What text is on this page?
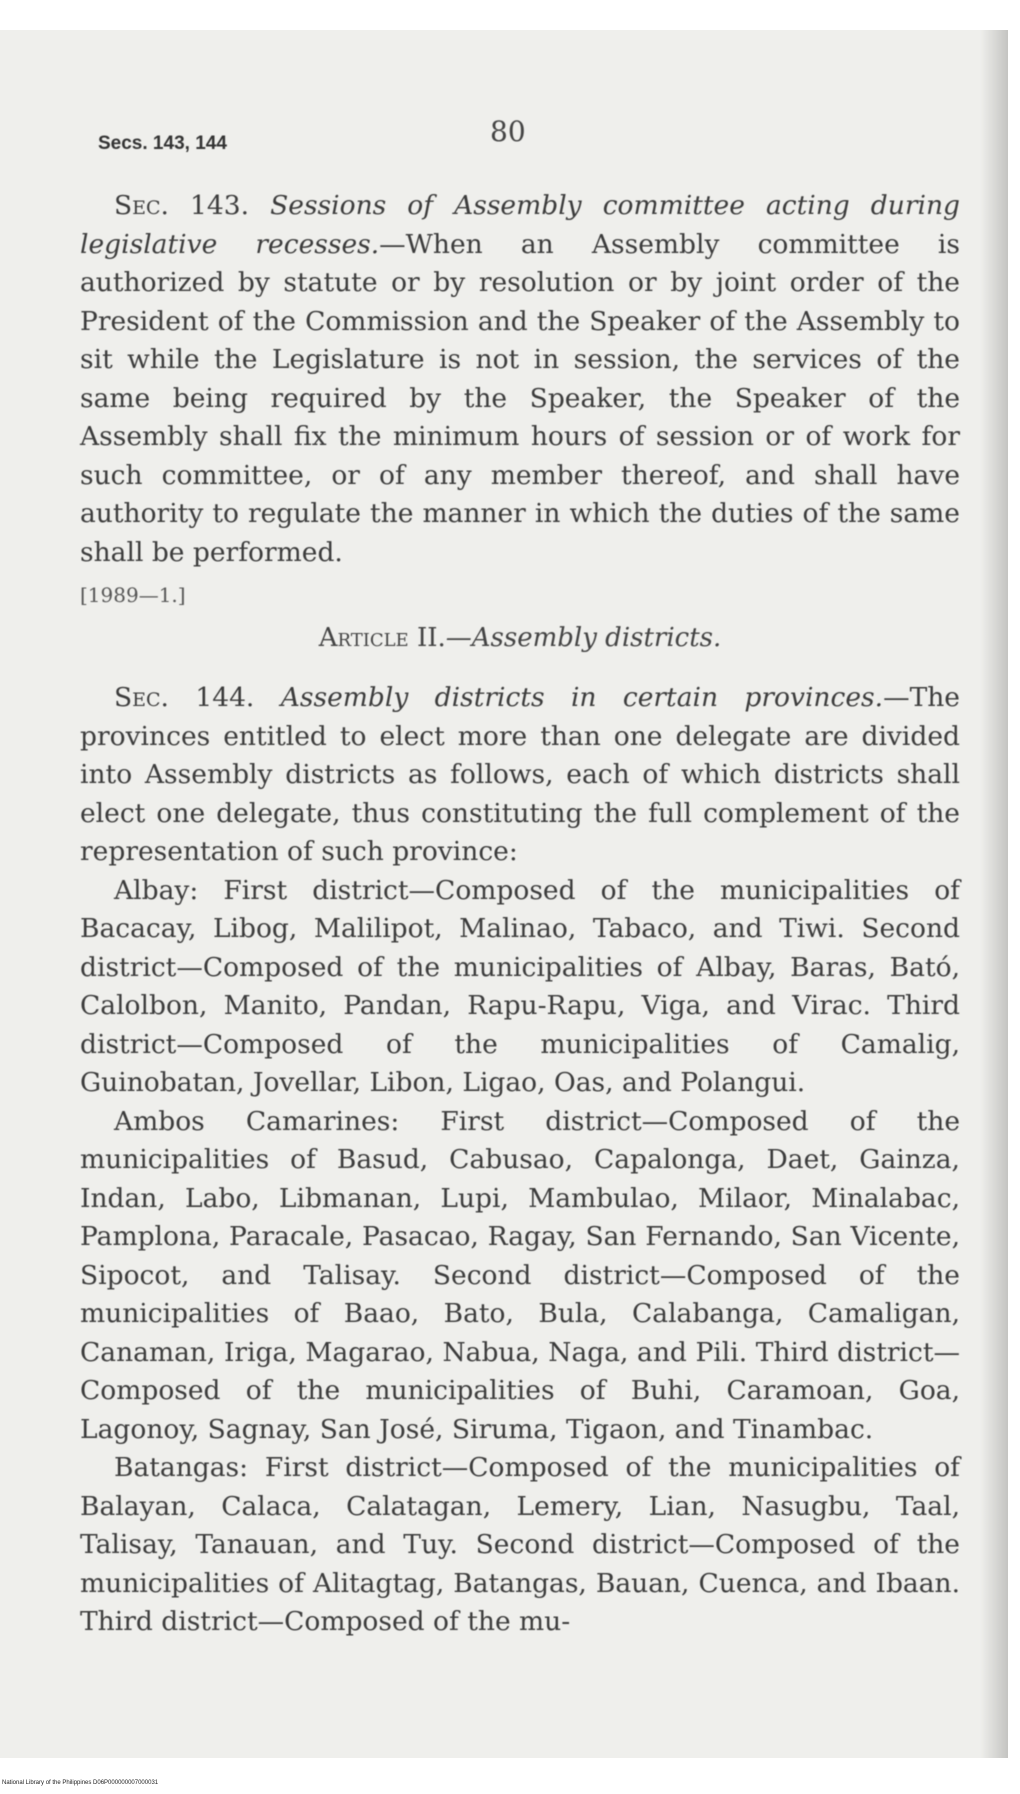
Secs. 143, 144	80

Sec. 143. Sessions of Assembly committee acting during legislative recesses.—When an Assembly committee is authorized by statute or by resolution or by joint order of the President of the Commission and the Speaker of the Assembly to sit while the Legislature is not in session, the services of the same being required by the Speaker, the Speaker of the Assembly shall fix the minimum hours of session or of work for such committee, or of any member thereof, and shall have authority to regulate the manner in which the duties of the same shall be performed.

[1989—1.]

Article II.—Assembly districts.

Sec. 144. Assembly districts in certain provinces.—The provinces entitled to elect more than one delegate are divided into Assembly districts as follows, each of which districts shall elect one delegate, thus constituting the full complement of the representation of such province:

Albay: First district—Composed of the municipalities of Bacacay, Libog, Malilipot, Malinao, Tabaco, and Tiwi. Second district—Composed of the municipalities of Albay, Baras, Bató, Calolbon, Manito, Pandan, Rapu-Rapu, Viga, and Virac. Third district—Composed of the municipalities of Camalig, Guinobatan, Jovellar, Libon, Ligao, Oas, and Polangui.

Ambos Camarines: First district—Composed of the municipalities of Basud, Cabusao, Capalonga, Daet, Gainza, Indan, Labo, Libmanan, Lupi, Mambulao, Milaor, Minalabac, Pamplona, Paracale, Pasacao, Ragay, San Fernando, San Vicente, Sipocot, and Talisay. Second district—Composed of the municipalities of Baao, Bato, Bula, Calabanga, Camaligan, Canaman, Iriga, Magarao, Nabua, Naga, and Pili. Third district—Composed of the municipalities of Buhi, Caramoan, Goa, Lagonoy, Sagnay, San José, Siruma, Tigaon, and Tinambac.

Batangas: First district—Composed of the municipalities of Balayan, Calaca, Calatagan, Lemery, Lian, Nasugbu, Taal, Talisay, Tanauan, and Tuy. Second district—Composed of the municipalities of Alitagtag, Batangas, Bauan, Cuenca, and Ibaan. Third district—Composed of the mu-

National Library of the Philippines D06P000000007000031
